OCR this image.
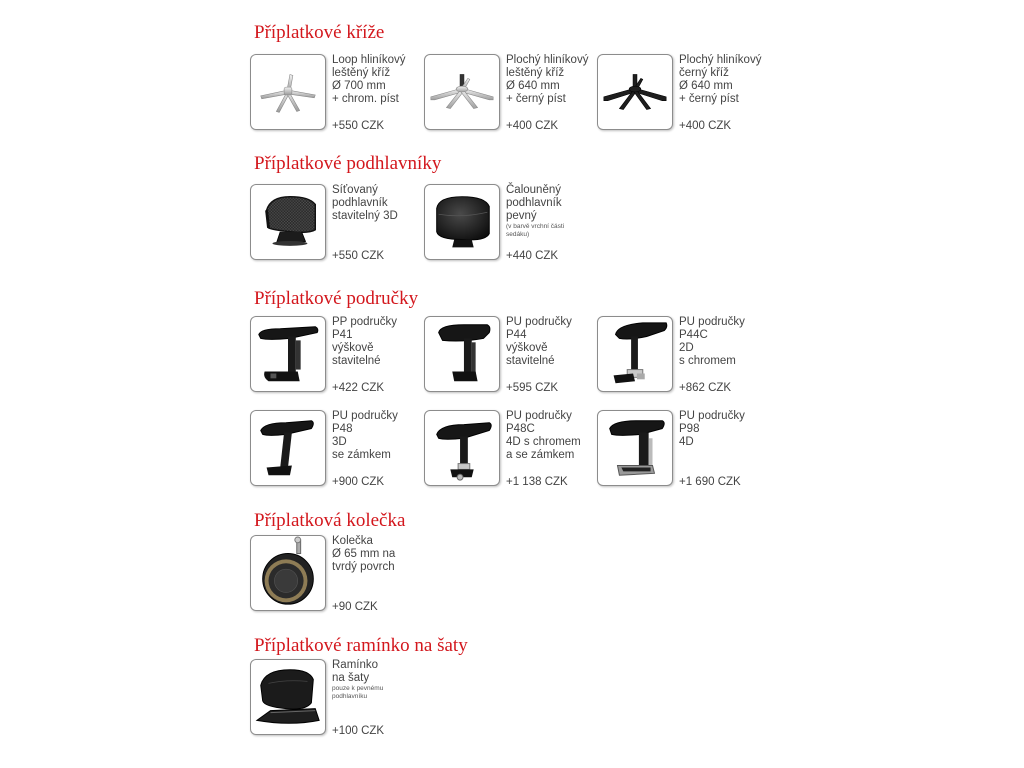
Příplatkové kříže
Loop hliníkový
leštěný kříž
Ø 700 mm
+ chrom. píst
+550 CZK
Plochý hliníkový
leštěný kříž
Ø 640 mm
+ černý píst
+400 CZK
Plochý hliníkový
černý kříž
Ø 640 mm
+ černý píst
+400 CZK
Příplatkové podhlavníky
Síťovaný
podhlavník
stavitelný 3D
+550 CZK
Čalouněný
podhlavník
pevný
(v barvě vrchní části
sedáku)
+440 CZK
Příplatkové područky
PP područky
P41
výškově
stavitelné
+422 CZK
PU područky
P44
výškově
stavitelné
+595 CZK
PU područky
P44C
2D
s chromem
+862 CZK
PU područky
P48
3D
se zámkem
+900 CZK
PU područky
P48C
4D s chromem
a se zámkem
+1 138 CZK
PU područky
P98
4D
+1 690 CZK
Příplatková kolečka
Kolečka
Ø 65 mm na
tvrdý povrch
+90 CZK
Příplatkové ramínko na šaty
Ramínko
na šaty
pouze k pevnému
podhlavníku
+100 CZK
